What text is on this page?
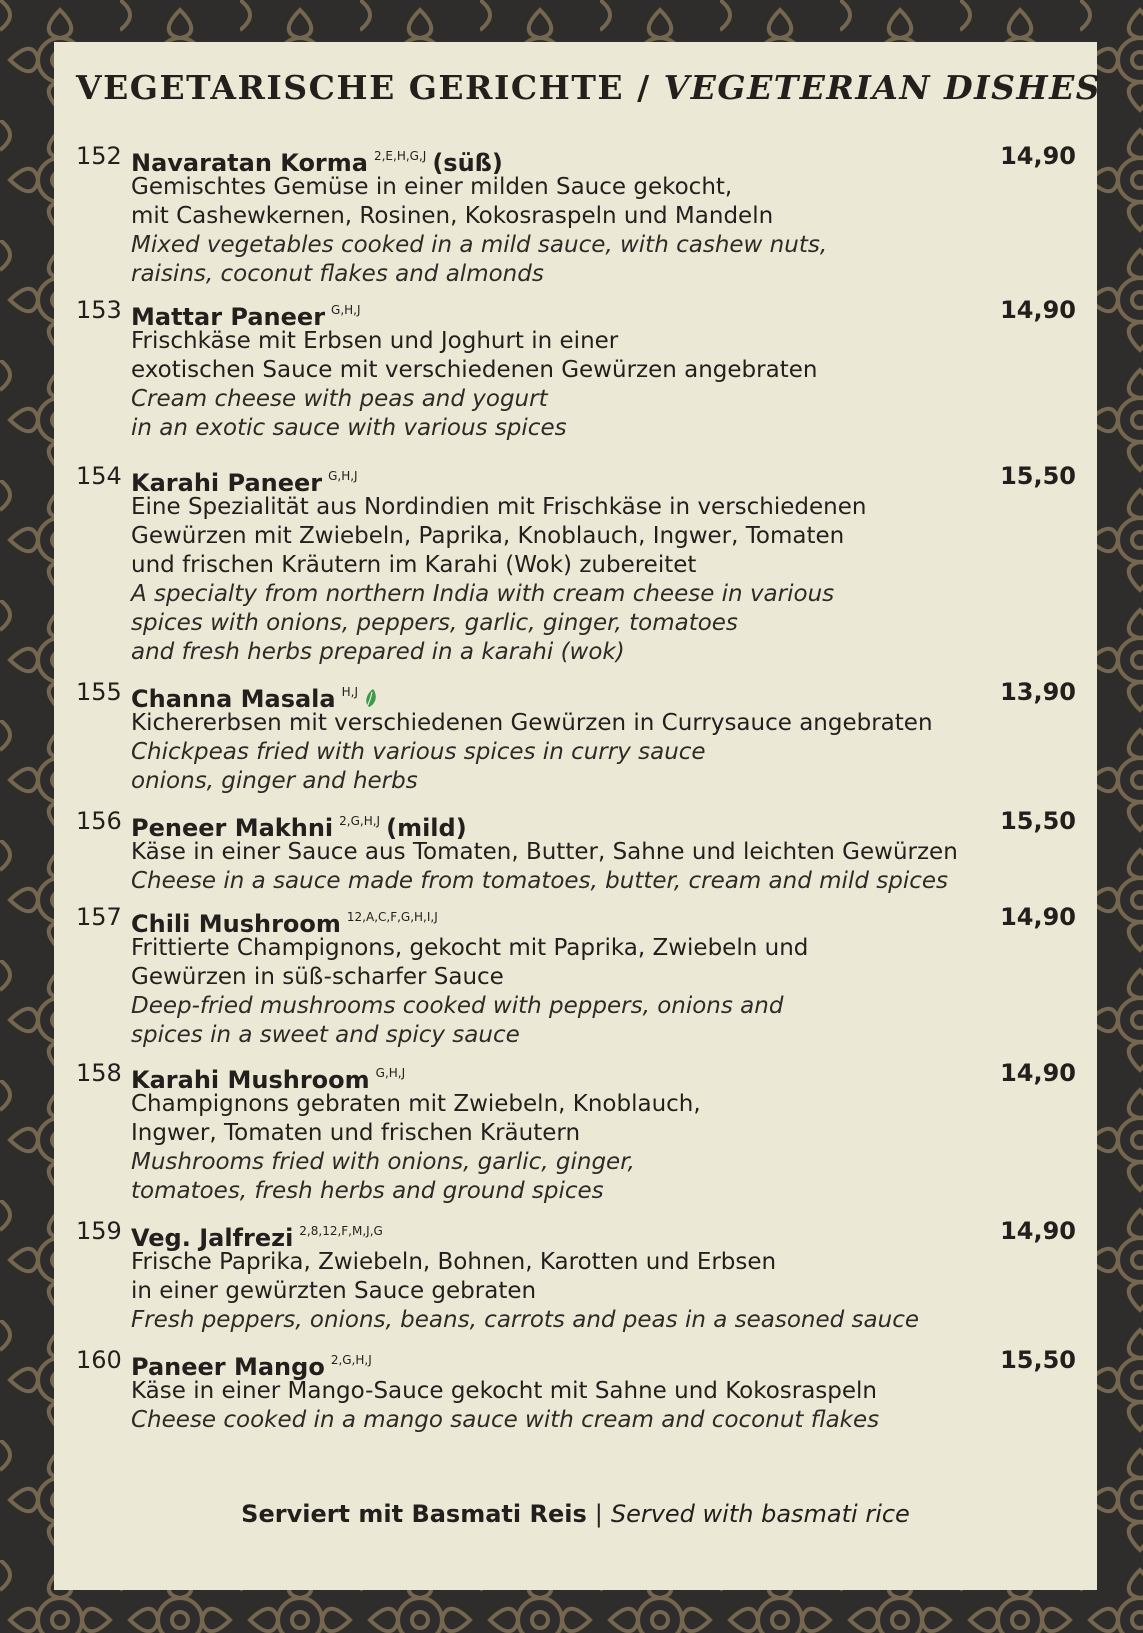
VEGETARISCHE GERICHTE / VEGETERIAN DISHES
152 Navaratan Korma $^{2,E,H,G,J}$ (süß)	14,90
Gemischtes Gemüse in einer milden Sauce gekocht,
mit Cashewkernen, Rosinen, Kokosraspeln und Mandeln
Mixed vegetables cooked in a mild sauce, with cashew nuts,
raisins, coconut flakes and almonds
153 Mattar Paneer $^{G,H,J}$	14,90
Frischkäse mit Erbsen und Joghurt in einer
exotischen Sauce mit verschiedenen Gewürzen angebraten
Cream cheese with peas and yogurt
in an exotic sauce with various spices
154 Karahi Paneer $^{G,H,J}$	15,50
Eine Spezialität aus Nordindien mit Frischkäse in verschiedenen
Gewürzen mit Zwiebeln, Paprika, Knoblauch, Ingwer, Tomaten
und frischen Kräutern im Karahi (Wok) zubereitet
A specialty from northern India with cream cheese in various
spices with onions, peppers, garlic, ginger, tomatoes
and fresh herbs prepared in a karahi (wok)
155 Channa Masala $^{H,J}$	13,90
Kichererbsen mit verschiedenen Gewürzen in Currysauce angebraten
Chickpeas fried with various spices in curry sauce
onions, ginger and herbs
156 Peneer Makhni $^{2,G,H,J}$ (mild)	15,50
Käse in einer Sauce aus Tomaten, Butter, Sahne und leichten Gewürzen
Cheese in a sauce made from tomatoes, butter, cream and mild spices
157 Chili Mushroom $^{12,A,C,F,G,H,I,J}$	14,90
Frittierte Champignons, gekocht mit Paprika, Zwiebeln und
Gewürzen in süß-scharfer Sauce
Deep-fried mushrooms cooked with peppers, onions and
spices in a sweet and spicy sauce
158 Karahi Mushroom $^{G,H,J}$	14,90
Champignons gebraten mit Zwiebeln, Knoblauch,
Ingwer, Tomaten und frischen Kräutern
Mushrooms fried with onions, garlic, ginger,
tomatoes, fresh herbs and ground spices
159 Veg. Jalfrezi $^{2,8,12,F,M,J,G}$	14,90
Frische Paprika, Zwiebeln, Bohnen, Karotten und Erbsen
in einer gewürzten Sauce gebraten
Fresh peppers, onions, beans, carrots and peas in a seasoned sauce
160 Paneer Mango $^{2,G,H,J}$	15,50
Käse in einer Mango-Sauce gekocht mit Sahne und Kokosraspeln
Cheese cooked in a mango sauce with cream and coconut flakes
Serviert mit Basmati Reis | Served with basmati rice
